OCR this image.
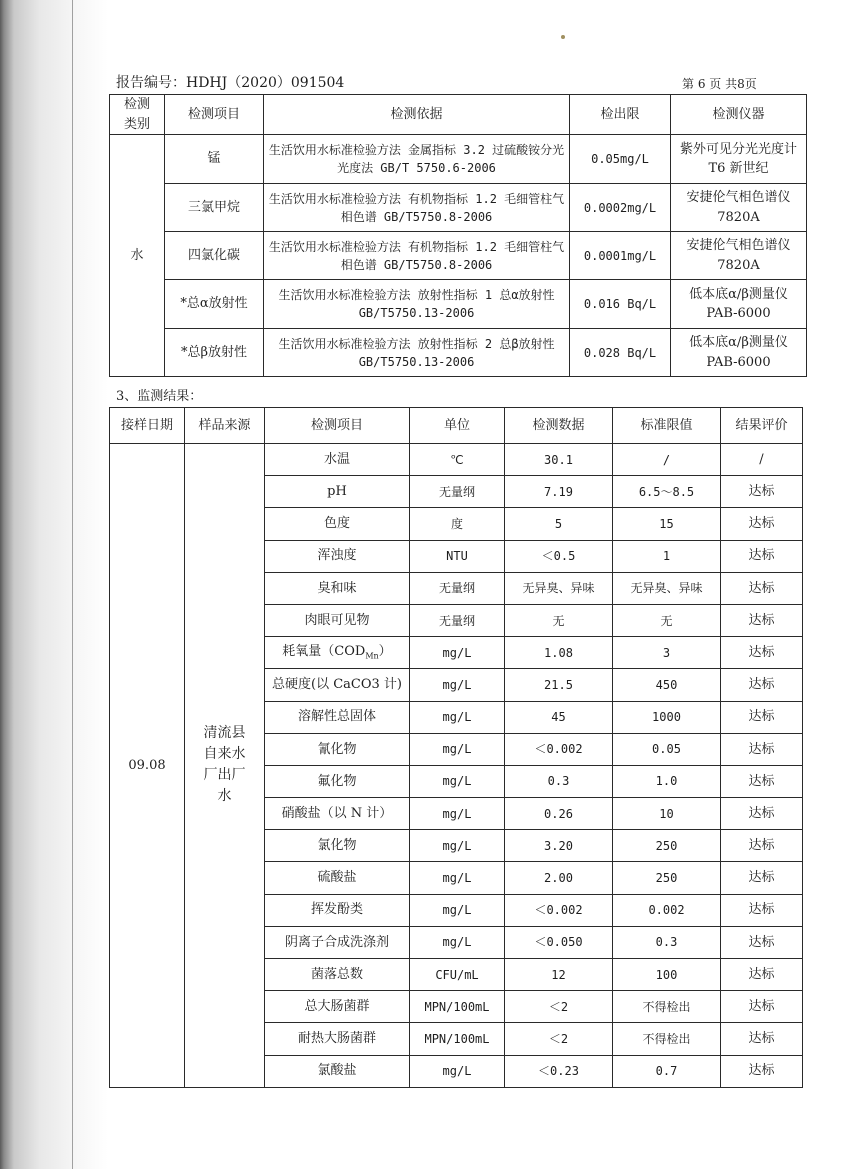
报告编号：HDHJ（2020）091504	第 6 页 共8页
检测类别	检测项目	检测依据	检出限	检测仪器
水	锰	生活饮用水标准检验方法 金属指标 3.2 过硫酸铵分光光度法 GB/T 5750.6-2006	0.05mg/L	紫外可见分光光度计 T6 新世纪
	三氯甲烷	生活饮用水标准检验方法 有机物指标 1.2 毛细管柱气相色谱 GB/T5750.8-2006	0.0002mg/L	安捷伦气相色谱仪 7820A
	四氯化碳	生活饮用水标准检验方法 有机物指标 1.2 毛细管柱气相色谱 GB/T5750.8-2006	0.0001mg/L	安捷伦气相色谱仪 7820A
	*总α放射性	生活饮用水标准检验方法 放射性指标 1 总α放射性 GB/T5750.13-2006	0.016 Bq/L	低本底α/β测量仪 PAB-6000
	*总β放射性	生活饮用水标准检验方法 放射性指标 2 总β放射性 GB/T5750.13-2006	0.028 Bq/L	低本底α/β测量仪 PAB-6000
3、监测结果：
接样日期	样品来源	检测项目	单位	检测数据	标准限值	结果评价
09.08	清流县自来水厂出厂水	水温	℃	30.1	/	/
		pH	无量纲	7.19	6.5～8.5	达标
		色度	度	5	15	达标
		浑浊度	NTU	＜0.5	1	达标
		臭和味	无量纲	无异臭、异味	无异臭、异味	达标
		肉眼可见物	无量纲	无	无	达标
		耗氧量$(COD_{Mn})$	mg/L	1.08	3	达标
		总硬度(以 CaCO3 计)	mg/L	21.5	450	达标
		溶解性总固体	mg/L	45	1000	达标
		氰化物	mg/L	＜0.002	0.05	达标
		氟化物	mg/L	0.3	1.0	达标
		硝酸盐（以 N 计）	mg/L	0.26	10	达标
		氯化物	mg/L	3.20	250	达标
		硫酸盐	mg/L	2.00	250	达标
		挥发酚类	mg/L	＜0.002	0.002	达标
		阴离子合成洗涤剂	mg/L	＜0.050	0.3	达标
		菌落总数	CFU/mL	12	100	达标
		总大肠菌群	MPN/100mL	＜2	不得检出	达标
		耐热大肠菌群	MPN/100mL	＜2	不得检出	达标
		氯酸盐	mg/L	＜0.23	0.7	达标
